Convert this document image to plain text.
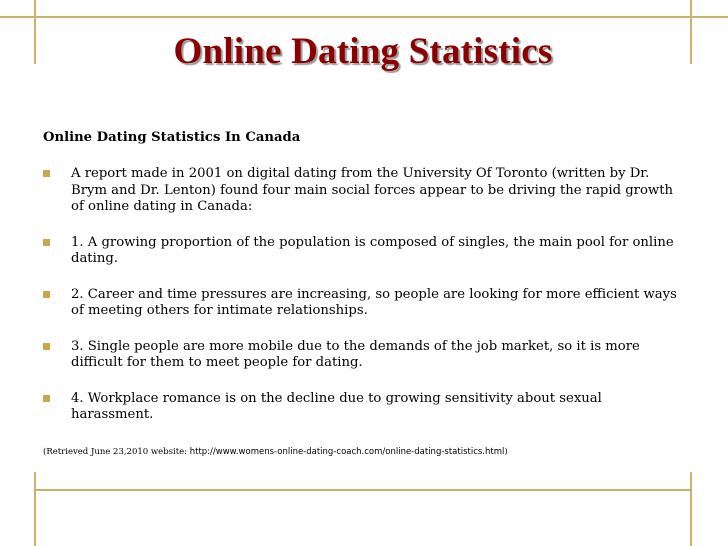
Online Dating Statistics
Online Dating Statistics In Canada
A report made in 2001 on digital dating from the University Of Toronto (written by Dr. Brym and Dr. Lenton) found four main social forces appear to be driving the rapid growth of online dating in Canada:
1. A growing proportion of the population is composed of singles, the main pool for online dating.
2. Career and time pressures are increasing, so people are looking for more efficient ways of meeting others for intimate relationships.
3. Single people are more mobile due to the demands of the job market, so it is more difficult for them to meet people for dating.
4. Workplace romance is on the decline due to growing sensitivity about sexual harassment.
(Retrieved June 23,2010 website: http://www.womens-online-dating-coach.com/online-dating-statistics.html)
